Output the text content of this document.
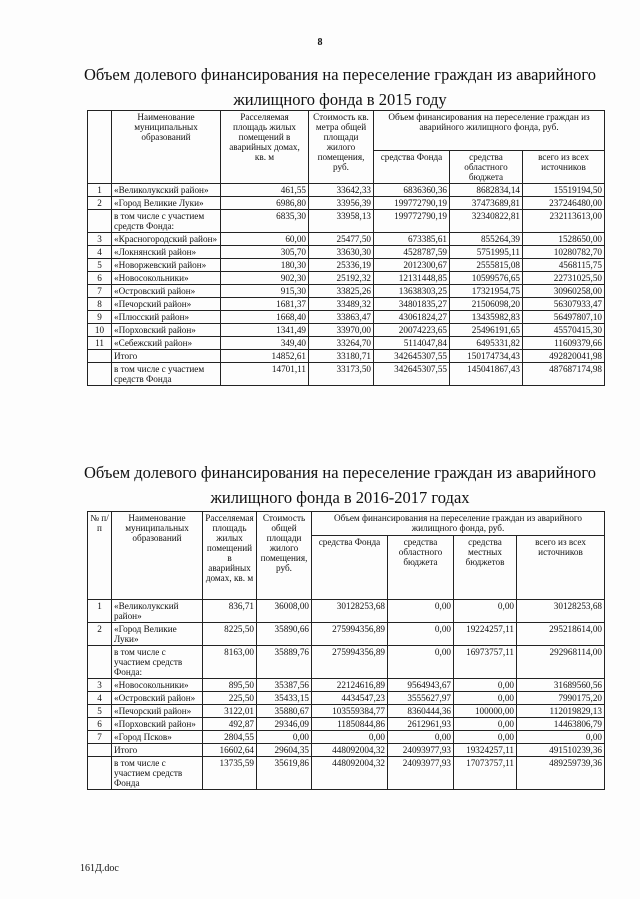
8
Объем долевого финансирования на переселение граждан из аварийного
жилищного фонда в 2015 году
	Наименование муниципальных образований	Расселяемая площадь жилых помещений в аварийных домах, кв. м	Стоимость кв. метра общей площади жилого помещения, руб.	Объем финансирования на переселение граждан из аварийного жилищного фонда, руб.		
				средства Фонда	средства областного бюджета	всего из всех источников
1	«Великолукский район»	461,55	33642,33	6836360,36	8682834,14	15519194,50
2	«Город Великие Луки»	6986,80	33956,39	199772790,19	37473689,81	237246480,00
	в том числе с участием средств Фонда:	6835,30	33958,13	199772790,19	32340822,81	232113613,00
3	«Красногородский район»	60,00	25477,50	673385,61	855264,39	1528650,00
4	«Локнянский район»	305,70	33630,30	4528787,59	5751995,11	10280782,70
5	«Новоржевский район»	180,30	25336,19	2012300,67	2555815,08	4568115,75
6	«Новосокольники»	902,30	25192,32	12131448,85	10599576,65	22731025,50
7	«Островский район»	915,30	33825,26	13638303,25	17321954,75	30960258,00
8	«Печорский район»	1681,37	33489,32	34801835,27	21506098,20	56307933,47
9	«Плюсский район»	1668,40	33863,47	43061824,27	13435982,83	56497807,10
10	«Порховский район»	1341,49	33970,00	20074223,65	25496191,65	45570415,30
11	«Себежский район»	349,40	33264,70	5114047,84	6495331,82	11609379,66
	Итого	14852,61	33180,71	342645307,55	150174734,43	492820041,98
	в том числе с участием средств Фонда	14701,11	33173,50	342645307,55	145041867,43	487687174,98
Объем долевого финансирования на переселение граждан из аварийного
жилищного фонда в 2016-2017 годах
№ п/п	Наименование муниципальных образований	Расселяемая площадь жилых помещений в аварийных домах, кв. м	Стоимость общей площади жилого помещения, руб.	Объем финансирования на переселение граждан из аварийного жилищного фонда, руб.			
				средства Фонда	средства областного бюджета	средства местных бюджетов	всего из всех источников
1	«Великолукский район»	836,71	36008,00	30128253,68	0,00	0,00	30128253,68
2	«Город Великие Луки»	8225,50	35890,66	275994356,89	0,00	19224257,11	295218614,00
	в том числе с участием средств Фонда:	8163,00	35889,76	275994356,89	0,00	16973757,11	292968114,00
3	«Новосокольники»	895,50	35387,56	22124616,89	9564943,67	0,00	31689560,56
4	«Островский район»	225,50	35433,15	4434547,23	3555627,97	0,00	7990175,20
5	«Печорский район»	3122,01	35880,67	103559384,77	8360444,36	100000,00	112019829,13
6	«Порховский район»	492,87	29346,09	11850844,86	2612961,93	0,00	14463806,79
7	«Город Псков»	2804,55	0,00	0,00	0,00	0,00	0,00
	Итого	16602,64	29604,35	448092004,32	24093977,93	19324257,11	491510239,36
	в том числе с участием средств Фонда	13735,59	35619,86	448092004,32	24093977,93	17073757,11	489259739,36
161Д.doc
